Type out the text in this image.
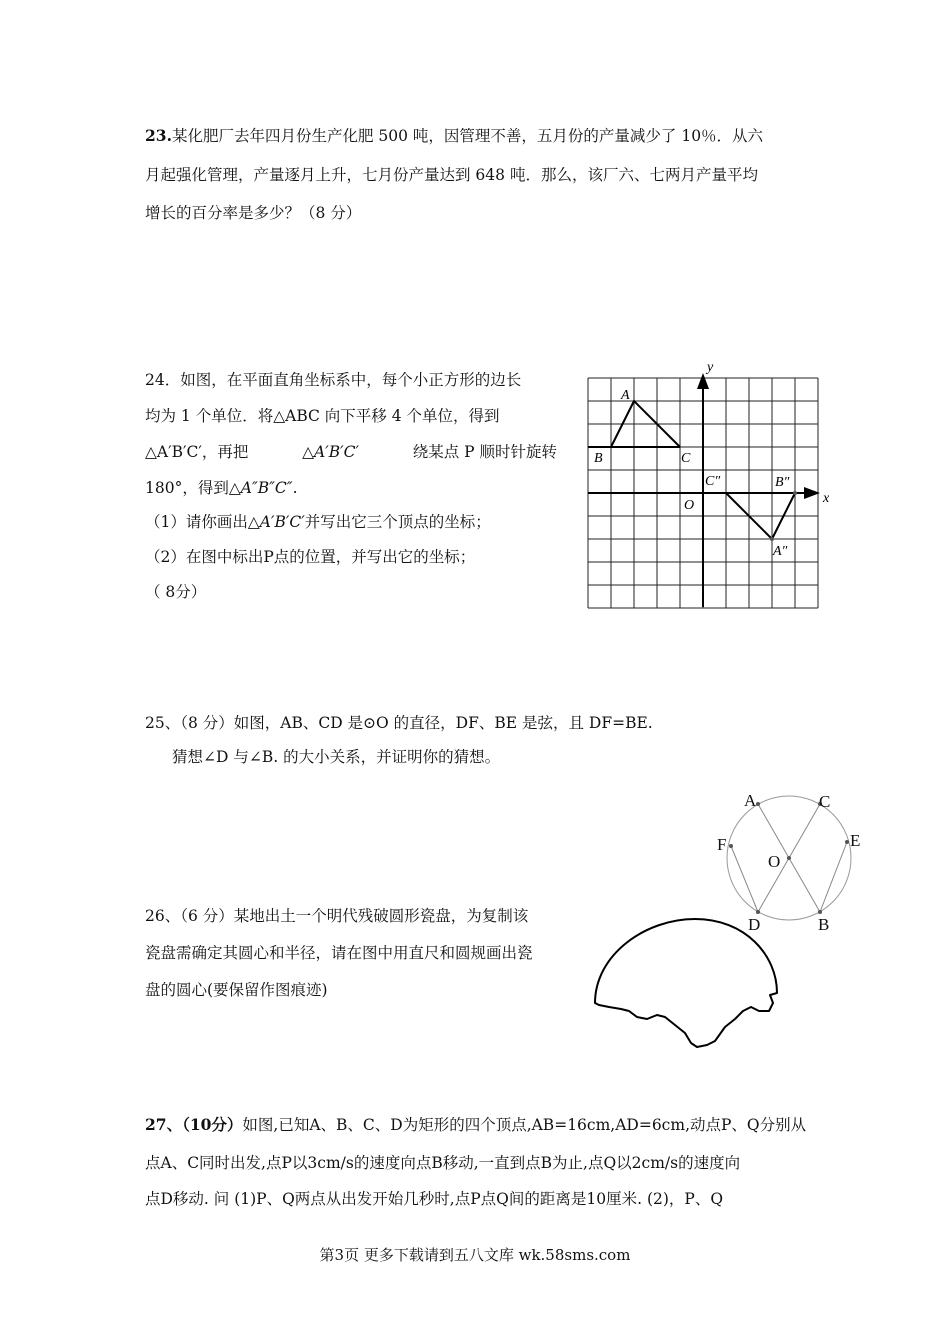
23.某化肥厂去年四月份生产化肥 500 吨，因管理不善，五月份的产量减少了 10％．从六
月起强化管理，产量逐月上升，七月份产量达到 648 吨．那么，该厂六、七两月产量平均
增长的百分率是多少？（8 分）
24．如图，在平面直角坐标系中，每个小正方形的边长
均为 1 个单位．将△ABC 向下平移 4 个单位，得到
△A′B′C′，再把	△A′B′C′	绕某点 P 顺时针旋转
180°，得到△A″B″C″.
（1）请你画出△A′B′C′并写出它三个顶点的坐标；
（2）在图中标出P点的位置，并写出它的坐标；
（ 8分）
y
x
O
A
B	C
C″	B″
A″
25、（8 分）如图，AB、CD 是⊙O 的直径，DF、BE 是弦，且 DF=BE.
猜想∠D 与∠B. 的大小关系，并证明你的猜想。
A	C
F	E
O
D	B
26、（6 分）某地出土一个明代残破圆形瓷盘，为复制该
瓷盘需确定其圆心和半径，请在图中用直尺和圆规画出瓷
盘的圆心(要保留作图痕迹)
27、（10分）如图,已知A、B、C、D为矩形的四个顶点,AB=16cm,AD=6cm,动点P、Q分别从
点A、C同时出发,点P以3cm/s的速度向点B移动,一直到点B为止,点Q以2cm/s的速度向
点D移动. 问 (1)P、Q两点从出发开始几秒时,点P点Q间的距离是10厘米. (2)，P、Q
第3页 更多下载请到五八文库 wk.58sms.com
